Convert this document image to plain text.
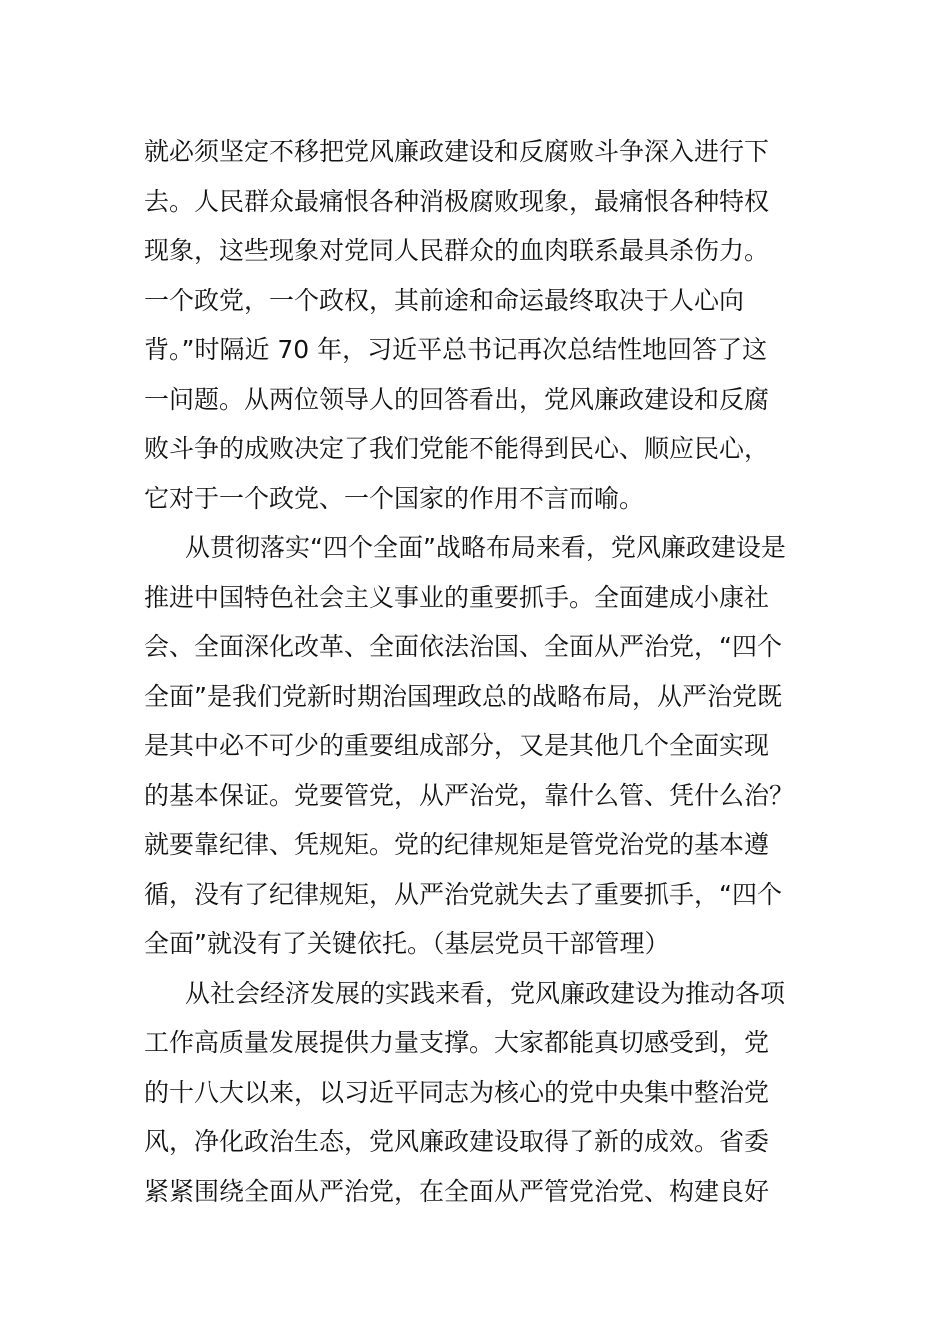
就必须坚定不移把党风廉政建设和反腐败斗争深入进行下
去。人民群众最痛恨各种消极腐败现象，最痛恨各种特权
现象，这些现象对党同人民群众的血肉联系最具杀伤力。
一个政党，一个政权，其前途和命运最终取决于人心向
背。”时隔近 70 年，习近平总书记再次总结性地回答了这
一问题。从两位领导人的回答看出，党风廉政建设和反腐
败斗争的成败决定了我们党能不能得到民心、顺应民心，
它对于一个政党、一个国家的作用不言而喻。
从贯彻落实“四个全面”战略布局来看，党风廉政建设是
推进中国特色社会主义事业的重要抓手。全面建成小康社
会、全面深化改革、全面依法治国、全面从严治党，“四个
全面”是我们党新时期治国理政总的战略布局，从严治党既
是其中必不可少的重要组成部分，又是其他几个全面实现
的基本保证。党要管党，从严治党，靠什么管、凭什么治？
就要靠纪律、凭规矩。党的纪律规矩是管党治党的基本遵
循，没有了纪律规矩，从严治党就失去了重要抓手，“四个
全面”就没有了关键依托。（基层党员干部管理）
从社会经济发展的实践来看，党风廉政建设为推动各项
工作高质量发展提供力量支撑。大家都能真切感受到，党
的十八大以来，以习近平同志为核心的党中央集中整治党
风，净化政治生态，党风廉政建设取得了新的成效。省委
紧紧围绕全面从严治党，在全面从严管党治党、构建良好
